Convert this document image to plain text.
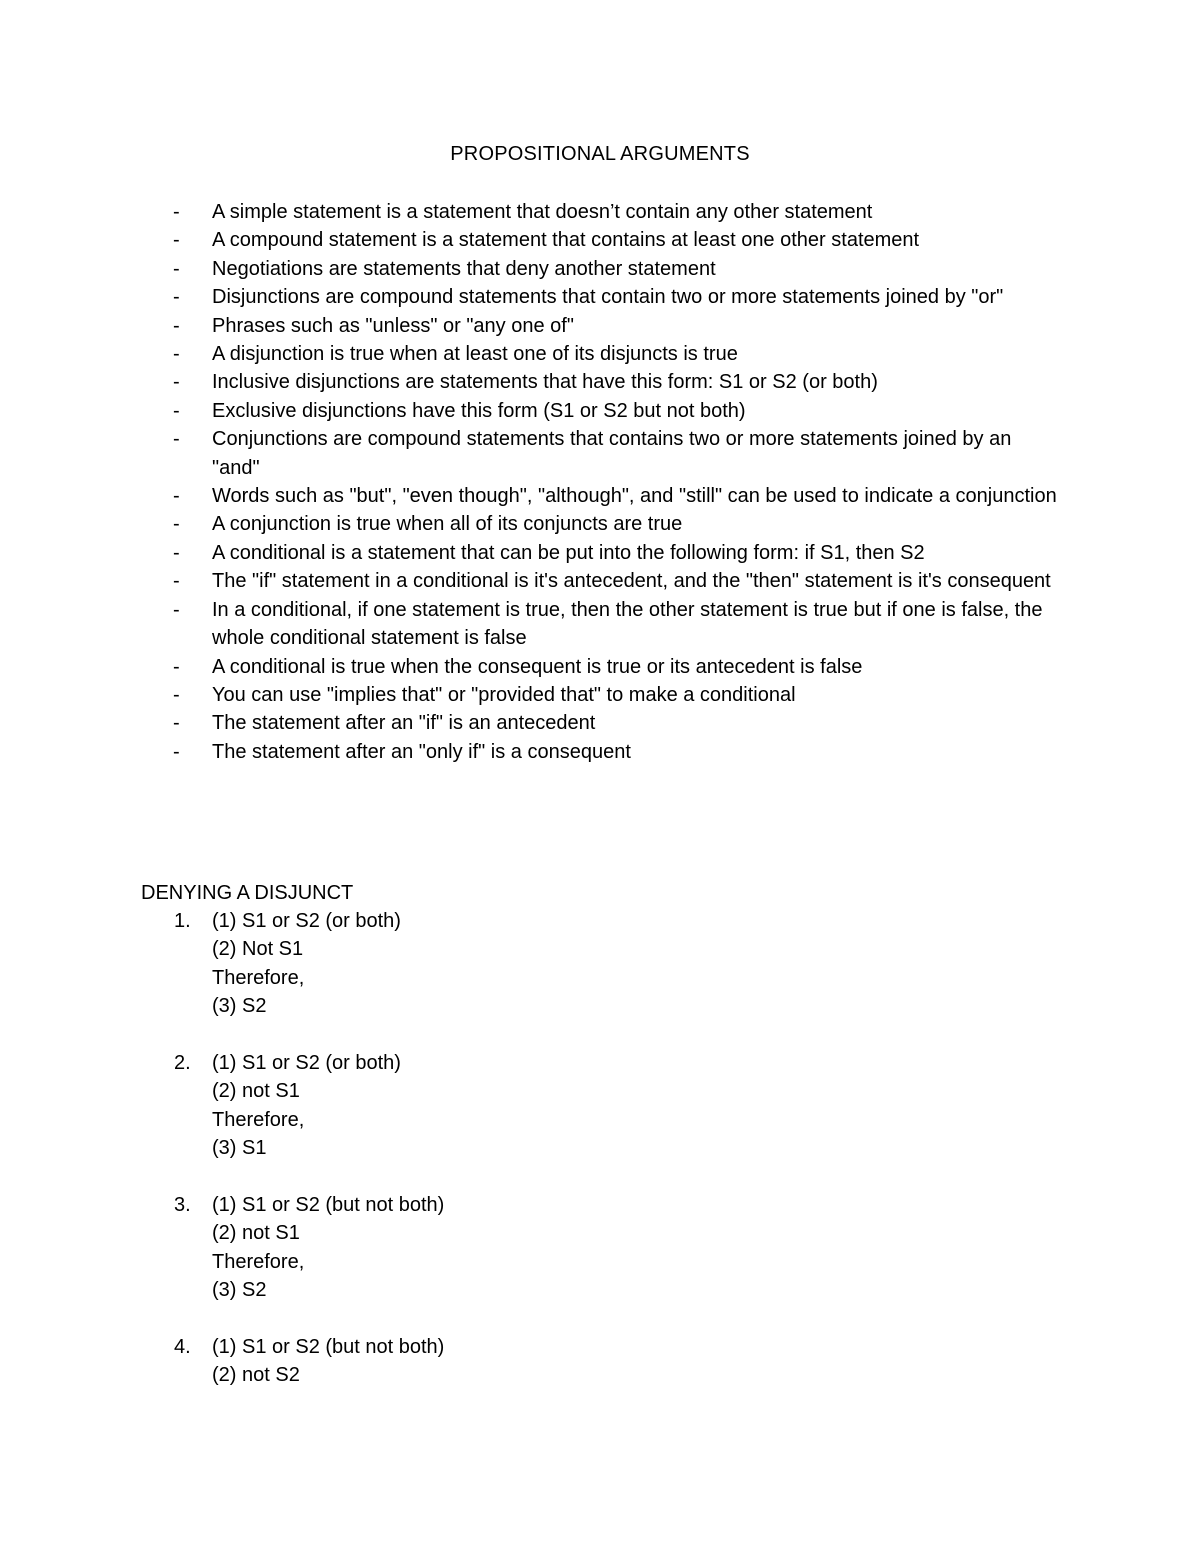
PROPOSITIONAL ARGUMENTS
- A simple statement is a statement that doesn’t contain any other statement
- A compound statement is a statement that contains at least one other statement
- Negotiations are statements that deny another statement
- Disjunctions are compound statements that contain two or more statements joined by "or"
- Phrases such as "unless" or "any one of"
- A disjunction is true when at least one of its disjuncts is true
- Inclusive disjunctions are statements that have this form: S1 or S2 (or both)
- Exclusive disjunctions have this form (S1 or S2 but not both)
- Conjunctions are compound statements that contains two or more statements joined by an "and"
- Words such as "but", "even though", "although", and "still" can be used to indicate a conjunction
- A conjunction is true when all of its conjuncts are true
- A conditional is a statement that can be put into the following form: if S1, then S2
- The "if" statement in a conditional is it's antecedent, and the "then" statement is it's consequent
- In a conditional, if one statement is true, then the other statement is true but if one is false, the whole conditional statement is false
- A conditional is true when the consequent is true or its antecedent is false
- You can use "implies that" or "provided that" to make a conditional
- The statement after an "if" is an antecedent
- The statement after an "only if" is a consequent
DENYING A DISJUNCT
1. (1) S1 or S2 (or both)
(2) Not S1
Therefore,
(3) S2
2. (1) S1 or S2 (or both)
(2) not S1
Therefore,
(3) S1
3. (1) S1 or S2 (but not both)
(2) not S1
Therefore,
(3) S2
4. (1) S1 or S2 (but not both)
(2) not S2
